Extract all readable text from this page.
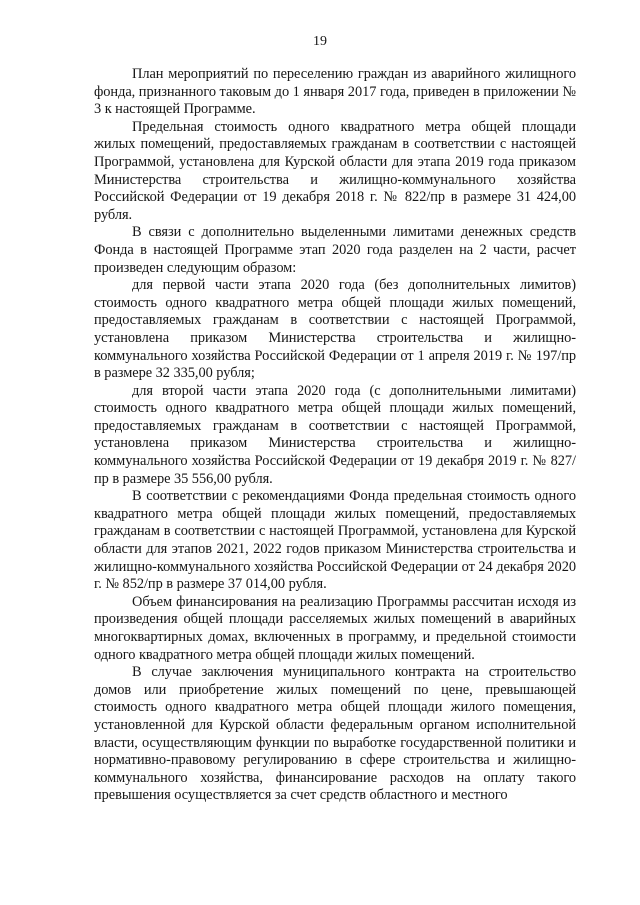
19

План мероприятий по переселению граждан из аварийного жилищного фонда, признанного таковым до 1 января 2017 года, приведен в приложении № 3 к настоящей Программе.

Предельная стоимость одного квадратного метра общей площади жилых помещений, предоставляемых гражданам в соответствии с настоящей Программой, установлена для Курской области для этапа 2019 года приказом Министерства строительства и жилищно-коммунального хозяйства Российской Федерации от 19 декабря 2018 г. № 822/пр в размере 31 424,00 рубля.

В связи с дополнительно выделенными лимитами денежных средств Фонда в настоящей Программе этап 2020 года разделен на 2 части, расчет произведен следующим образом:

для первой части этапа 2020 года (без дополнительных лимитов) стоимость одного квадратного метра общей площади жилых помещений, предоставляемых гражданам в соответствии с настоящей Программой, установлена приказом Министерства строительства и жилищно-коммунального хозяйства Российской Федерации от 1 апреля 2019 г. № 197/пр в размере 32 335,00 рубля;

для второй части этапа 2020 года (с дополнительными лимитами) стоимость одного квадратного метра общей площади жилых помещений, предоставляемых гражданам в соответствии с настоящей Программой, установлена приказом Министерства строительства и жилищно-коммунального хозяйства Российской Федерации от 19 декабря 2019 г. № 827/пр в размере 35 556,00 рубля.

В соответствии с рекомендациями Фонда предельная стоимость одного квадратного метра общей площади жилых помещений, предоставляемых гражданам в соответствии с настоящей Программой, установлена для Курской области для этапов 2021, 2022 годов приказом Министерства строительства и жилищно-коммунального хозяйства Российской Федерации от 24 декабря 2020 г. № 852/пр в размере 37 014,00 рубля.

Объем финансирования на реализацию Программы рассчитан исходя из произведения общей площади расселяемых жилых помещений в аварийных многоквартирных домах, включенных в программу, и предельной стоимости одного квадратного метра общей площади жилых помещений.

В случае заключения муниципального контракта на строительство домов или приобретение жилых помещений по цене, превышающей стоимость одного квадратного метра общей площади жилого помещения, установленной для Курской области федеральным органом исполнительной власти, осуществляющим функции по выработке государственной политики и нормативно-правовому регулированию в сфере строительства и жилищно-коммунального хозяйства, финансирование расходов на оплату такого превышения осуществляется за счет средств областного и местного
